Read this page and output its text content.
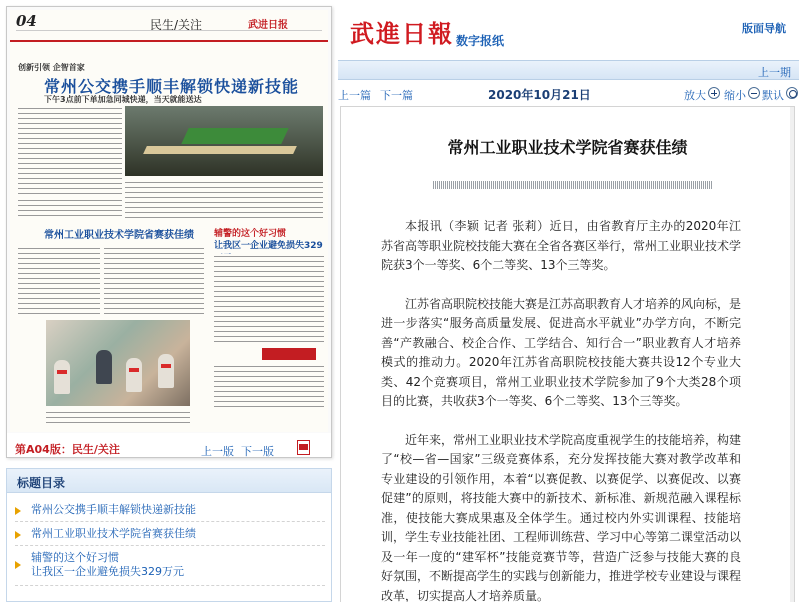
04	民生/关注	武进日报
创新引领 企智首家
常州公交携手顺丰解锁快递新技能
下午3点前下单加急同城快递，当天就能送达
常州工业职业技术学院省赛获佳绩 辅警的这个好习惯
让我区一企业避免损失329
第A04版：民生/关注	上一版 下一版
标题目录
常州公交携手顺丰解锁快递新技能
常州工业职业技术学院省赛获佳绩
辅警的这个好习惯
让我区一企业避免损失329万元
武進日報 数字报纸
版面导航
上一期
上一篇 下一篇	2020年10月21日	放大 缩小 默认
常州工业职业技术学院省赛获佳绩

本报讯（李颖 记者 张莉）近日，由省教育厅主办的2020年江苏省高等职业院校技能大赛在全省各赛区举行，常州工业职业技术学院获3个一等奖、6个二等奖、13个三等奖。

江苏省高职院校技能大赛是江苏高职教育人才培养的风向标，是进一步落实“服务高质量发展、促进高水平就业”办学方向，不断完善“产教融合、校企合作、工学结合、知行合一”职业教育人才培养模式的推动力。2020年江苏省高职院校技能大赛共设12个专业大类、42个竞赛项目，常州工业职业技术学院参加了9个大类28个项目的比赛，共收获3个一等奖、6个二等奖、13个三等奖。

近年来，常州工业职业技术学院高度重视学生的技能培养，构建了“校—省—国家”三级竞赛体系，充分发挥技能大赛对教学改革和专业建设的引领作用，本着“以赛促教、以赛促学、以赛促改、以赛促建”的原则，将技能大赛中的新技术、新标准、新规范融入课程标准，使技能大赛成果惠及全体学生。通过校内外实训课程、技能培训，学生专业技能社团、工程师训练营、学习中心等第二课堂活动以及一年一度的“建军杯”技能竞赛节等，营造广泛参与技能大赛的良好氛围，不断提高学生的实践与创新能力，推进学校专业建设与课程改革，切实提高人才培养质量。
